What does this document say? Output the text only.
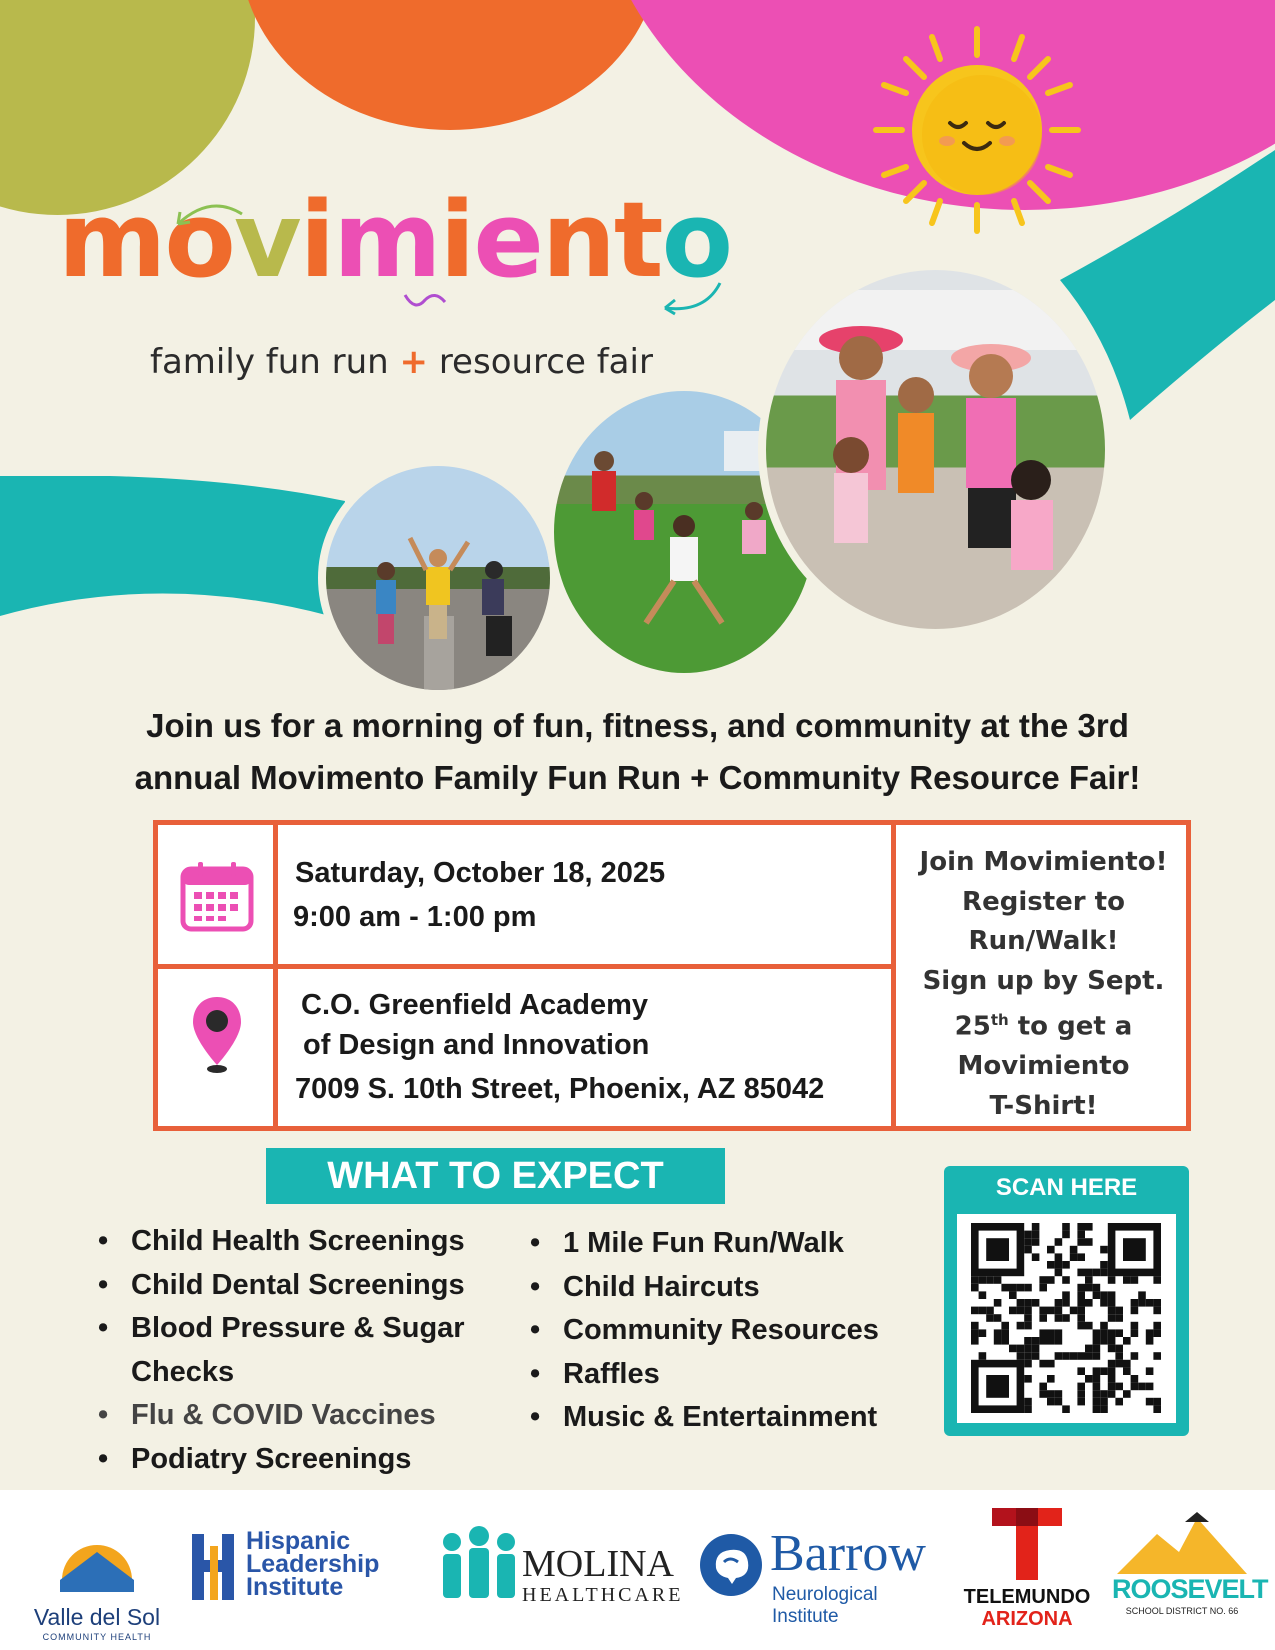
movimiento
family fun run + resource fair
Join us for a morning of fun, fitness, and community at the 3rd
annual Movimento Family Fun Run + Community Resource Fair!
Saturday, October 18, 2025
9:00 am - 1:00 pm
C.O. Greenfield Academy
of Design and Innovation
7009 S. 10th Street, Phoenix, AZ 85042
Join Movimiento!
Register to
Run/Walk!
Sign up by Sept.
25th to get a
Movimiento
T-Shirt!
WHAT TO EXPECT
• Child Health Screenings
• Child Dental Screenings
• Blood Pressure & Sugar Checks
• Flu & COVID Vaccines
• Podiatry Screenings
• 1 Mile Fun Run/Walk
• Child Haircuts
• Community Resources
• Raffles
• Music & Entertainment
SCAN HERE
Valle del Sol
COMMUNITY HEALTH
Hispanic
Leadership
Institute
MOLINA
HEALTHCARE
Barrow
Neurological Institute
TELEMUNDO
ARIZONA
ROOSEVELT
SCHOOL DISTRICT NO. 66
